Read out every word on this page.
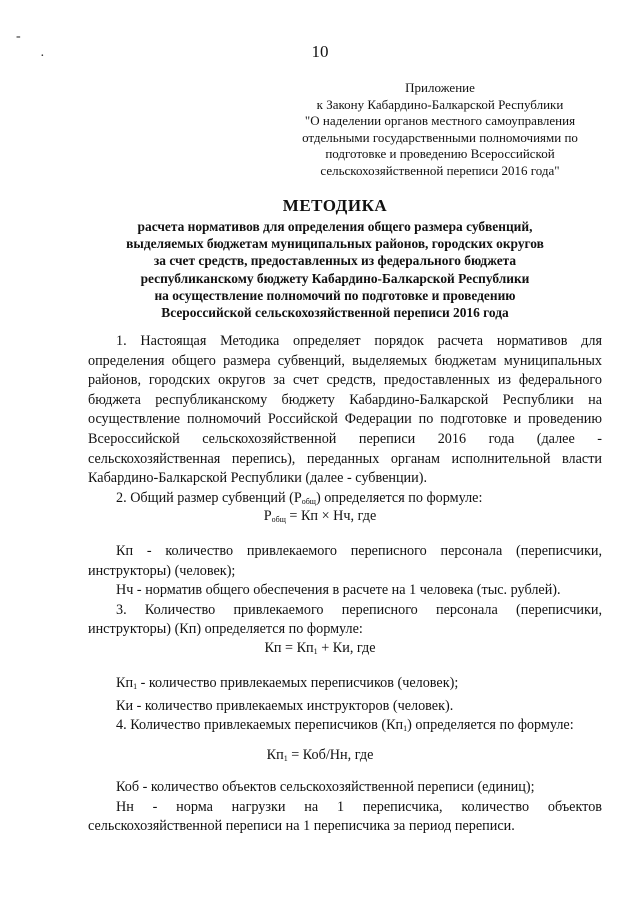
-
·	10
Приложение
к Закону Кабардино-Балкарской Республики
"О наделении органов местного самоуправления
отдельными государственными полномочиями по
подготовке и проведению Всероссийской
сельскохозяйственной переписи 2016 года"
МЕТОДИКА
расчета нормативов для определения общего размера субвенций,
выделяемых бюджетам муниципальных районов, городских округов
за счет средств, предоставленных из федерального бюджета
республиканскому бюджету Кабардино-Балкарской Республики
на осуществление полномочий по подготовке и проведению
Всероссийской сельскохозяйственной переписи 2016 года
1. Настоящая Методика определяет порядок расчета нормативов для определения общего размера субвенций, выделяемых бюджетам муниципальных районов, городских округов за счет средств, предоставленных из федерального бюджета республиканскому бюджету Кабардино-Балкарской Республики на осуществление полномочий Российской Федерации по подготовке и проведению Всероссийской сельскохозяйственной переписи 2016 года (далее - сельскохозяйственная перепись), переданных органам исполнительной власти Кабардино-Балкарской Республики (далее - субвенции).
2. Общий размер субвенций $(Р_{общ})$ определяется по формуле:
$Р_{общ}$ = Кп × Нч, где
Кп - количество привлекаемого переписного персонала (переписчики, инструкторы) (человек);
Нч - норматив общего обеспечения в расчете на 1 человека (тыс. рублей).
3. Количество привлекаемого переписного персонала (переписчики, инструкторы) (Кп) определяется по формуле:
Кп = $Кп_1$ + Ки, где
$Кп_1$ - количество привлекаемых переписчиков (человек);
Ки - количество привлекаемых инструкторов (человек).
4. Количество привлекаемых переписчиков $(Кп_1)$ определяется по формуле:
$Кп_1 = Коб/Нн$, где
Коб - количество объектов сельскохозяйственной переписи (единиц);
Нн - норма нагрузки на 1 переписчика, количество объектов сельскохозяйственной переписи на 1 переписчика за период переписи.
